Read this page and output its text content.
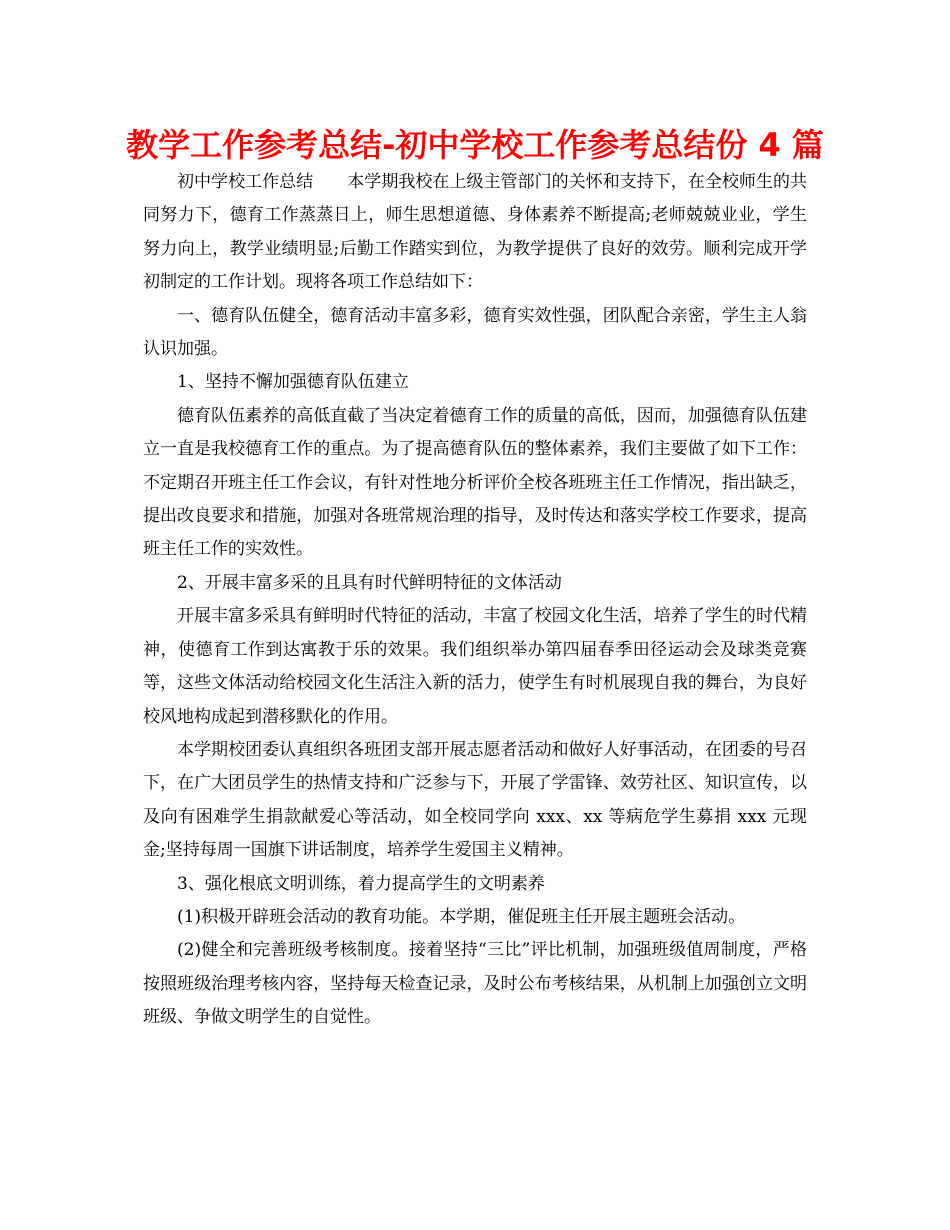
教学工作参考总结-初中学校工作参考总结份 4 篇

初中学校工作总结　　本学期我校在上级主管部门的关怀和支持下，在全校师生的共同努力下，德育工作蒸蒸日上，师生思想道德、身体素养不断提高;老师兢兢业业，学生努力向上，教学业绩明显;后勤工作踏实到位，为教学提供了良好的效劳。顺利完成开学初制定的工作计划。现将各项工作总结如下：

一、德育队伍健全，德育活动丰富多彩，德育实效性强，团队配合亲密，学生主人翁认识加强。

1、坚持不懈加强德育队伍建立

德育队伍素养的高低直截了当决定着德育工作的质量的高低，因而，加强德育队伍建立一直是我校德育工作的重点。为了提高德育队伍的整体素养，我们主要做了如下工作：不定期召开班主任工作会议，有针对性地分析评价全校各班班主任工作情况，指出缺乏，提出改良要求和措施，加强对各班常规治理的指导，及时传达和落实学校工作要求，提高班主任工作的实效性。

2、开展丰富多采的且具有时代鲜明特征的文体活动

开展丰富多采具有鲜明时代特征的活动，丰富了校园文化生活，培养了学生的时代精神，使德育工作到达寓教于乐的效果。我们组织举办第四届春季田径运动会及球类竞赛等，这些文体活动给校园文化生活注入新的活力，使学生有时机展现自我的舞台，为良好校风地构成起到潜移默化的作用。

本学期校团委认真组织各班团支部开展志愿者活动和做好人好事活动，在团委的号召下，在广大团员学生的热情支持和广泛参与下，开展了学雷锋、效劳社区、知识宣传，以及向有困难学生捐款献爱心等活动，如全校同学向 xxx、xx 等病危学生募捐 xxx 元现金;坚持每周一国旗下讲话制度，培养学生爱国主义精神。

3、强化根底文明训练，着力提高学生的文明素养

(1)积极开辟班会活动的教育功能。本学期，催促班主任开展主题班会活动。

(2)健全和完善班级考核制度。接着坚持“三比”评比机制，加强班级值周制度，严格按照班级治理考核内容，坚持每天检查记录，及时公布考核结果，从机制上加强创立文明班级、争做文明学生的自觉性。
